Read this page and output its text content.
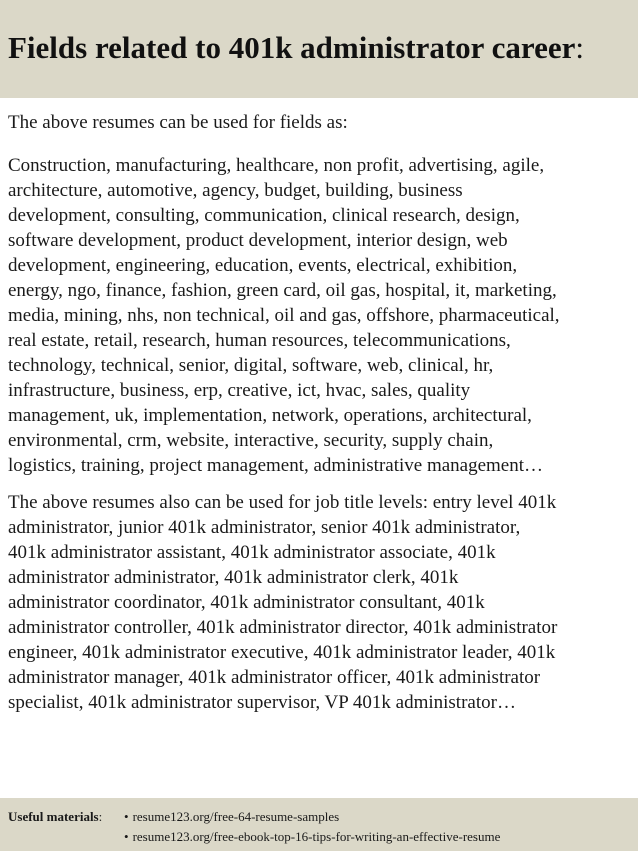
Fields related to 401k administrator career:

The above resumes can be used for fields as:

Construction, manufacturing, healthcare, non profit, advertising, agile,
architecture, automotive, agency, budget, building, business
development, consulting, communication, clinical research, design,
software development, product development, interior design, web
development, engineering, education, events, electrical, exhibition,
energy, ngo, finance, fashion, green card, oil gas, hospital, it, marketing,
media, mining, nhs, non technical, oil and gas, offshore, pharmaceutical,
real estate, retail, research, human resources, telecommunications,
technology, technical, senior, digital, software, web, clinical, hr,
infrastructure, business, erp, creative, ict, hvac, sales, quality
management, uk, implementation, network, operations, architectural,
environmental, crm, website, interactive, security, supply chain,
logistics, training, project management, administrative management…

The above resumes also can be used for job title levels: entry level 401k
administrator, junior 401k administrator, senior 401k administrator,
401k administrator assistant, 401k administrator associate, 401k
administrator administrator, 401k administrator clerk, 401k
administrator coordinator, 401k administrator consultant, 401k
administrator controller, 401k administrator director, 401k administrator
engineer, 401k administrator executive, 401k administrator leader, 401k
administrator manager, 401k administrator officer, 401k administrator
specialist, 401k administrator supervisor, VP 401k administrator…

Useful materials: • resume123.org/free-64-resume-samples
• resume123.org/free-ebook-top-16-tips-for-writing-an-effective-resume
